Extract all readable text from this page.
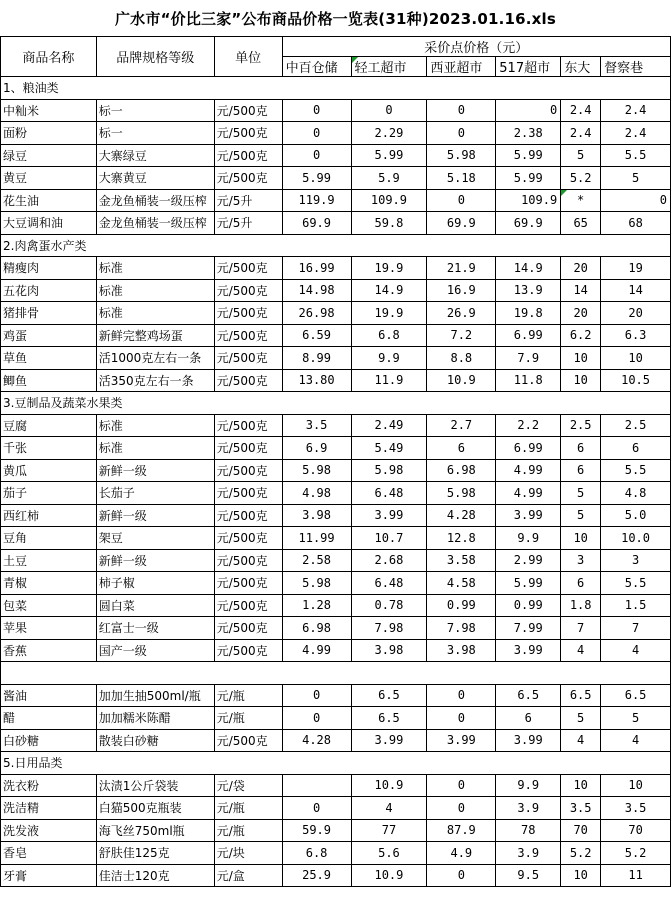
广水市“价比三家”公布商品价格一览表(31种)2023.01.16.xls
商品名称	品牌规格等级	单位	采价点价格（元）					
			中百仓储	轻工超市	西亚超市	517超市	东大	督察巷
1、粮油类								
中籼米	标一	元/500克	0	0	0	0	2.4	2.4
面粉	标一	元/500克	0	2.29	0	2.38	2.4	2.4
绿豆	大寨绿豆	元/500克	0	5.99	5.98	5.99	5	5.5
黄豆	大寨黄豆	元/500克	5.99	5.9	5.18	5.99	5.2	5
花生油	金龙鱼桶装一级压榨	元/5升	119.9	109.9	0	109.9	*	0
大豆调和油	金龙鱼桶装一级压榨	元/5升	69.9	59.8	69.9	69.9	65	68
2.肉禽蛋水产类								
精瘦肉	标准	元/500克	16.99	19.9	21.9	14.9	20	19
五花肉	标准	元/500克	14.98	14.9	16.9	13.9	14	14
猪排骨	标准	元/500克	26.98	19.9	26.9	19.8	20	20
鸡蛋	新鲜完整鸡场蛋	元/500克	6.59	6.8	7.2	6.99	6.2	6.3
草鱼	活1000克左右一条	元/500克	8.99	9.9	8.8	7.9	10	10
鲫鱼	活350克左右一条	元/500克	13.80	11.9	10.9	11.8	10	10.5
3.豆制品及蔬菜水果类								
豆腐	标准	元/500克	3.5	2.49	2.7	2.2	2.5	2.5
千张	标准	元/500克	6.9	5.49	6	6.99	6	6
黄瓜	新鲜一级	元/500克	5.98	5.98	6.98	4.99	6	5.5
茄子	长茄子	元/500克	4.98	6.48	5.98	4.99	5	4.8
西红柿	新鲜一级	元/500克	3.98	3.99	4.28	3.99	5	5.0
豆角	架豆	元/500克	11.99	10.7	12.8	9.9	10	10.0
土豆	新鲜一级	元/500克	2.58	2.68	3.58	2.99	3	3
青椒	柿子椒	元/500克	5.98	6.48	4.58	5.99	6	5.5
包菜	圆白菜	元/500克	1.28	0.78	0.99	0.99	1.8	1.5
苹果	红富士一级	元/500克	6.98	7.98	7.98	7.99	7	7
香蕉	国产一级	元/500克	4.99	3.98	3.98	3.99	4	4

酱油	加加生抽500ml/瓶	元/瓶	0	6.5	0	6.5	6.5	6.5
醋	加加糯米陈醋	元/瓶	0	6.5	0	6	5	5
白砂糖	散装白砂糖	元/500克	4.28	3.99	3.99	3.99	4	4
5.日用品类								
洗衣粉	汰渍1公斤袋装	元/袋		10.9	0	9.9	10	10
洗洁精	白猫500克瓶装	元/瓶	0	4	0	3.9	3.5	3.5
洗发液	海飞丝750ml瓶	元/瓶	59.9	77	87.9	78	70	70
香皂	舒肤佳125克	元/块	6.8	5.6	4.9	3.9	5.2	5.2
牙膏	佳洁士120克	元/盒	25.9	10.9	0	9.5	10	11
